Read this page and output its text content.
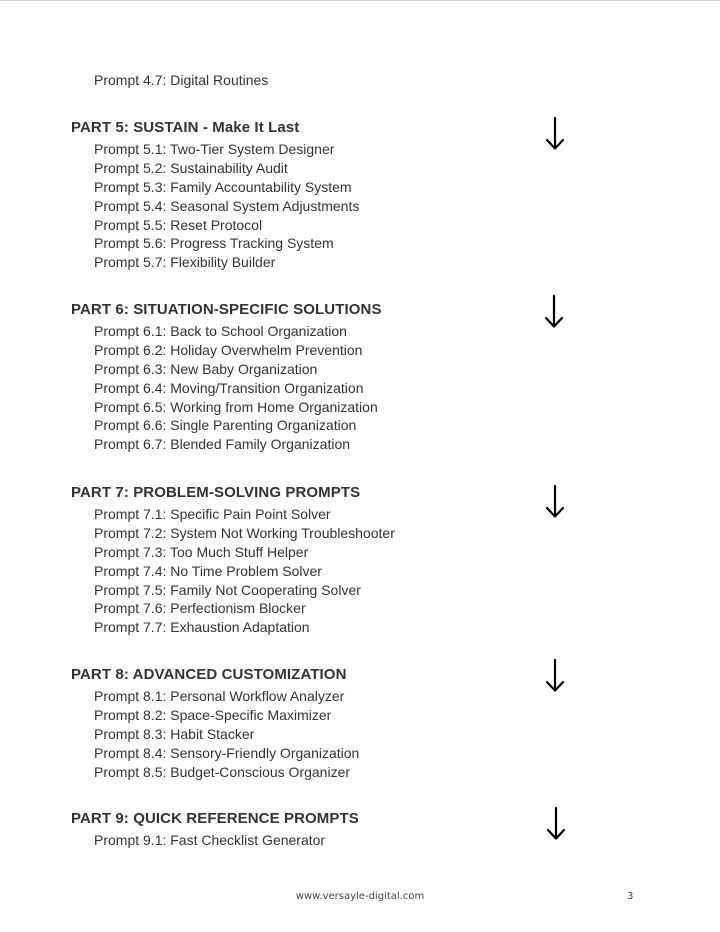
Prompt 4.7: Digital Routines
PART 5: SUSTAIN - Make It Last
Prompt 5.1: Two-Tier System Designer
Prompt 5.2: Sustainability Audit
Prompt 5.3: Family Accountability System
Prompt 5.4: Seasonal System Adjustments
Prompt 5.5: Reset Protocol
Prompt 5.6: Progress Tracking System
Prompt 5.7: Flexibility Builder
PART 6: SITUATION-SPECIFIC SOLUTIONS
Prompt 6.1: Back to School Organization
Prompt 6.2: Holiday Overwhelm Prevention
Prompt 6.3: New Baby Organization
Prompt 6.4: Moving/Transition Organization
Prompt 6.5: Working from Home Organization
Prompt 6.6: Single Parenting Organization
Prompt 6.7: Blended Family Organization
PART 7: PROBLEM-SOLVING PROMPTS
Prompt 7.1: Specific Pain Point Solver
Prompt 7.2: System Not Working Troubleshooter
Prompt 7.3: Too Much Stuff Helper
Prompt 7.4: No Time Problem Solver
Prompt 7.5: Family Not Cooperating Solver
Prompt 7.6: Perfectionism Blocker
Prompt 7.7: Exhaustion Adaptation
PART 8: ADVANCED CUSTOMIZATION
Prompt 8.1: Personal Workflow Analyzer
Prompt 8.2: Space-Specific Maximizer
Prompt 8.3: Habit Stacker
Prompt 8.4: Sensory-Friendly Organization
Prompt 8.5: Budget-Conscious Organizer
PART 9: QUICK REFERENCE PROMPTS
Prompt 9.1: Fast Checklist Generator
www.versayle-digital.com	3
